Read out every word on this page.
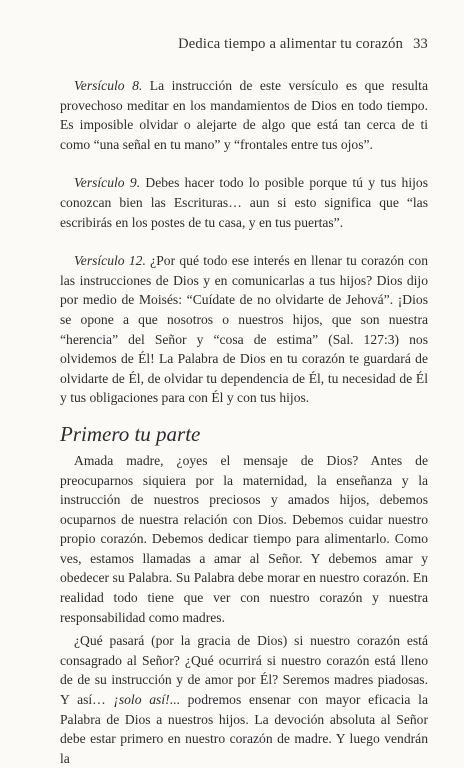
Dedica tiempo a alimentar tu corazón 33

Versículo 8. La instrucción de este versículo es que resulta provechoso meditar en los mandamientos de Dios en todo tiempo. Es imposible olvidar o alejarte de algo que está tan cerca de ti como “una señal en tu mano” y “frontales entre tus ojos”.

Versículo 9. Debes hacer todo lo posible porque tú y tus hijos conozcan bien las Escrituras… aun si esto significa que “las escribirás en los postes de tu casa, y en tus puertas”.

Versículo 12. ¿Por qué todo ese interés en llenar tu corazón con las instrucciones de Dios y en comunicarlas a tus hijos? Dios dijo por medio de Moisés: “Cuídate de no olvidarte de Jehová”. ¡Dios se opone a que nosotros o nuestros hijos, que son nuestra “herencia” del Señor y “cosa de estima” (Sal. 127:3) nos olvidemos de Él! La Palabra de Dios en tu corazón te guardará de olvidarte de Él, de olvidar tu dependencia de Él, tu necesidad de Él y tus obligaciones para con Él y con tus hijos.

Primero tu parte

Amada madre, ¿oyes el mensaje de Dios? Antes de preocuparnos siquiera por la maternidad, la enseñanza y la instrucción de nuestros preciosos y amados hijos, debemos ocuparnos de nuestra relación con Dios. Debemos cuidar nuestro propio corazón. Debemos dedicar tiempo para alimentarlo. Como ves, estamos llamadas a amar al Señor. Y debemos amar y obedecer su Palabra. Su Palabra debe morar en nuestro corazón. En realidad todo tiene que ver con nuestro corazón y nuestra responsabilidad como madres.

¿Qué pasará (por la gracia de Dios) si nuestro corazón está consagrado al Señor? ¿Qué ocurrirá si nuestro corazón está lleno de de su instrucción y de amor por Él? Seremos madres piadosas. Y así… ¡solo así!... podremos ensenar con mayor eficacia la Palabra de Dios a nuestros hijos. La devoción absoluta al Señor debe estar primero en nuestro corazón de madre. Y luego vendrán la
